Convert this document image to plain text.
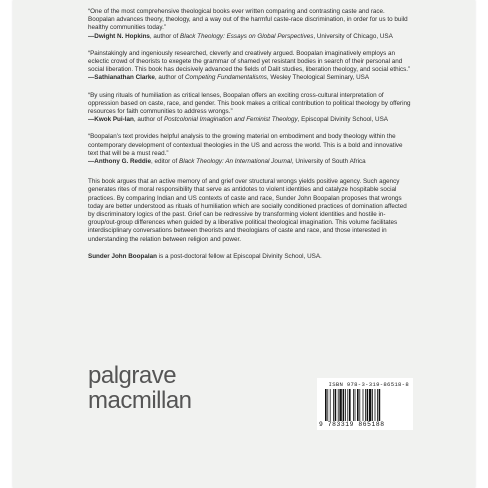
“One of the most comprehensive theological books ever written comparing and contrasting caste and race. Boopalan advances theory, theology, and a way out of the harmful caste-race discrimination, in order for us to build healthy communities today.”

—Dwight N. Hopkins, author of Black Theology: Essays on Global Perspectives, University of Chicago, USA

“Painstakingly and ingeniously researched, cleverly and creatively argued. Boopalan imaginatively employs an eclectic crowd of theorists to exegete the grammar of shamed yet resistant bodies in search of their personal and social liberation. This book has decisively advanced the fields of Dalit studies, liberation theology, and social ethics.”

—Sathianathan Clarke, author of Competing Fundamentalisms, Wesley Theological Seminary, USA

“By using rituals of humiliation as critical lenses, Boopalan offers an exciting cross-cultural interpretation of oppression based on caste, race, and gender. This book makes a critical contribution to political theology by offering resources for faith communities to address wrongs.”

—Kwok Pui-lan, author of Postcolonial Imagination and Feminist Theology, Episcopal Divinity School, USA

“Boopalan’s text provides helpful analysis to the growing material on embodiment and body theology within the contemporary development of contextual theologies in the US and across the world. This is a bold and innovative text that will be a must read.”

—Anthony G. Reddie, editor of Black Theology: An International Journal, University of South Africa

This book argues that an active memory of and grief over structural wrongs yields positive agency. Such agency generates rites of moral responsibility that serve as antidotes to violent identities and catalyze hospitable social practices. By comparing Indian and US contexts of caste and race, Sunder John Boopalan proposes that wrongs today are better understood as rituals of humiliation which are socially conditioned practices of domination affected by discriminatory logics of the past. Grief can be redressive by transforming violent identities and hostile in-group/out-group differences when guided by a liberative political theological imagination. This volume facilitates interdisciplinary conversations between theorists and theologians of caste and race, and those interested in understanding the relation between religion and power.

Sunder John Boopalan is a post-doctoral fellow at Episcopal Divinity School, USA.

palgrave
macmillan
ISBN 978-3-319-86518-8
9 783319 865188
